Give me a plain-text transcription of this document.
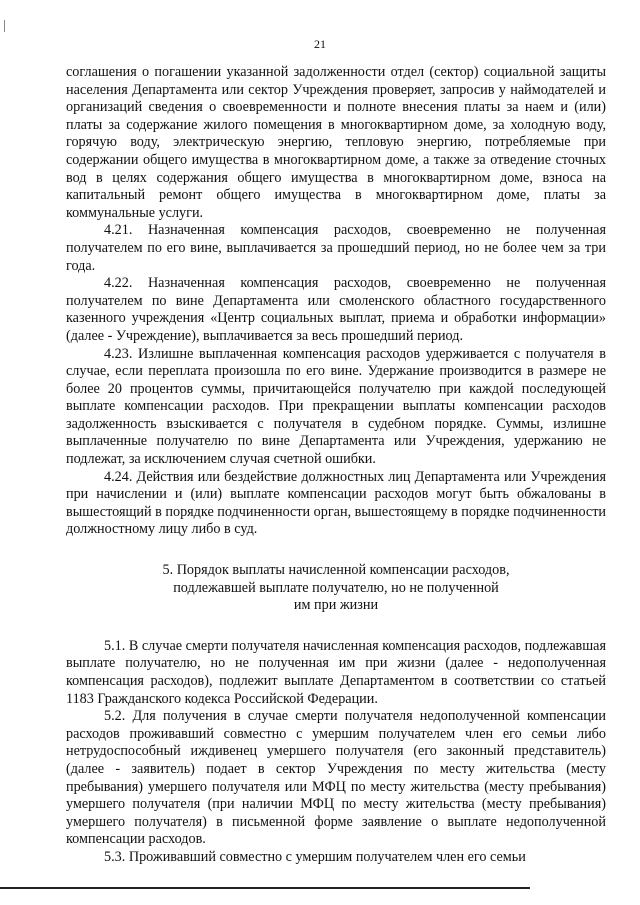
21

соглашения о погашении указанной задолженности отдел (сектор) социальной защиты населения Департамента или сектор Учреждения проверяет, запросив у наймодателей и организаций сведения о своевременности и полноте внесения платы за наем и (или) платы за содержание жилого помещения в многоквартирном доме, за холодную воду, горячую воду, электрическую энергию, тепловую энергию, потребляемые при содержании общего имущества в многоквартирном доме, а также за отведение сточных вод в целях содержания общего имущества в многоквартирном доме, взноса на капитальный ремонт общего имущества в многоквартирном доме, платы за коммунальные услуги.

4.21. Назначенная компенсация расходов, своевременно не полученная получателем по его вине, выплачивается за прошедший период, но не более чем за три года.

4.22. Назначенная компенсация расходов, своевременно не полученная получателем по вине Департамента или смоленского областного государственного казенного учреждения «Центр социальных выплат, приема и обработки информации» (далее - Учреждение), выплачивается за весь прошедший период.

4.23. Излишне выплаченная компенсация расходов удерживается с получателя в случае, если переплата произошла по его вине. Удержание производится в размере не более 20 процентов суммы, причитающейся получателю при каждой последующей выплате компенсации расходов. При прекращении выплаты компенсации расходов задолженность взыскивается с получателя в судебном порядке. Суммы, излишне выплаченные получателю по вине Департамента или Учреждения, удержанию не подлежат, за исключением случая счетной ошибки.

4.24. Действия или бездействие должностных лиц Департамента или Учреждения при начислении и (или) выплате компенсации расходов могут быть обжалованы в вышестоящий в порядке подчиненности орган, вышестоящему в порядке подчиненности должностному лицу либо в суд.

5. Порядок выплаты начисленной компенсации расходов,
подлежавшей выплате получателю, но не полученной
им при жизни

5.1. В случае смерти получателя начисленная компенсация расходов, подлежавшая выплате получателю, но не полученная им при жизни (далее - недополученная компенсация расходов), подлежит выплате Департаментом в соответствии со статьей 1183 Гражданского кодекса Российской Федерации.

5.2. Для получения в случае смерти получателя недополученной компенсации расходов проживавший совместно с умершим получателем член его семьи либо нетрудоспособный иждивенец умершего получателя (его законный представитель) (далее - заявитель) подает в сектор Учреждения по месту жительства (месту пребывания) умершего получателя или МФЦ по месту жительства (месту пребывания) умершего получателя (при наличии МФЦ по месту жительства (месту пребывания) умершего получателя) в письменной форме заявление о выплате недополученной компенсации расходов.

5.3. Проживавший совместно с умершим получателем член его семьи
